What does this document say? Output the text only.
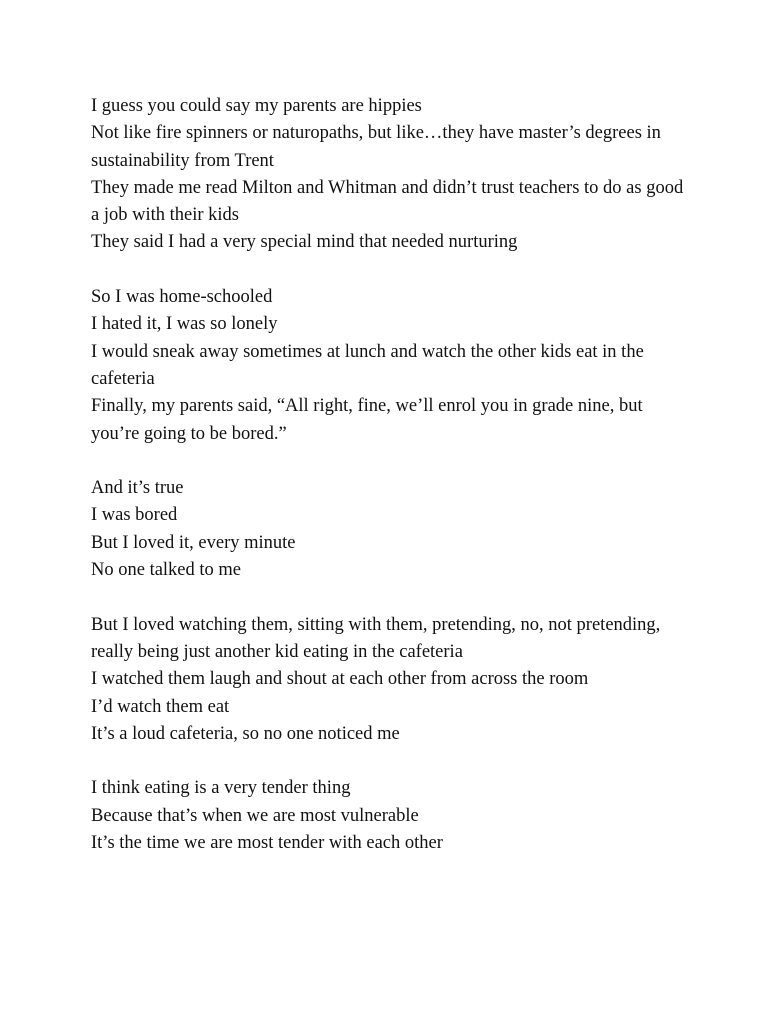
I guess you could say my parents are hippies
Not like fire spinners or naturopaths, but like…they have master’s degrees in sustainability from Trent
They made me read Milton and Whitman and didn’t trust teachers to do as good a job with their kids
They said I had a very special mind that needed nurturing
So I was home-schooled
I hated it, I was so lonely
I would sneak away sometimes at lunch and watch the other kids eat in the cafeteria
Finally, my parents said, “All right, fine, we’ll enrol you in grade nine, but you’re going to be bored.”
And it’s true
I was bored
But I loved it, every minute
No one talked to me
But I loved watching them, sitting with them, pretending, no, not pretending, really being just another kid eating in the cafeteria
I watched them laugh and shout at each other from across the room
I’d watch them eat
It’s a loud cafeteria, so no one noticed me
I think eating is a very tender thing
Because that’s when we are most vulnerable
It’s the time we are most tender with each other
